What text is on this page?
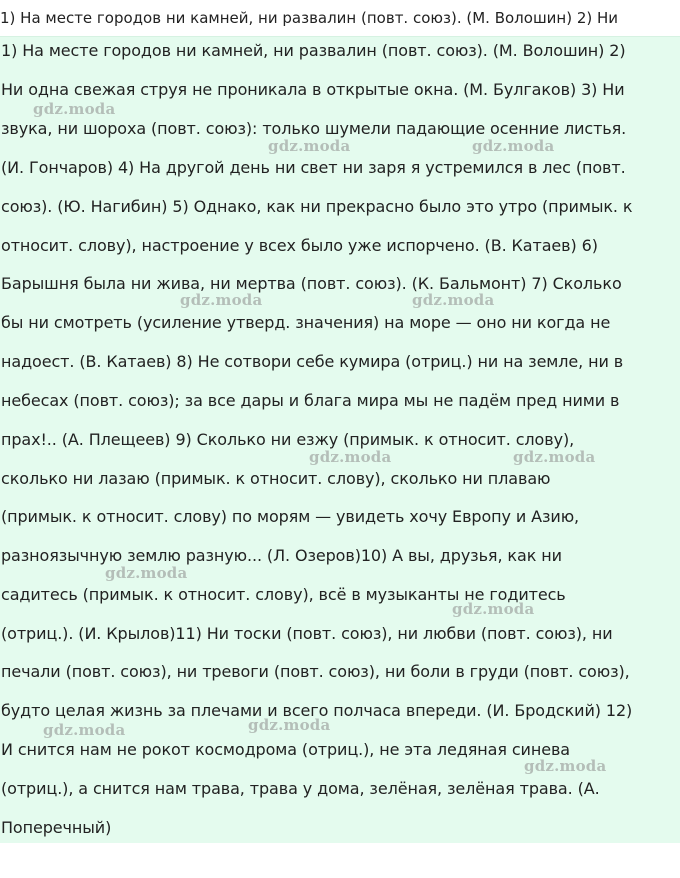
1) На месте городов ни камней, ни развалин (повт. союз). (М. Волошин) 2) Ни
1) На месте городов ни камней, ни развалин (повт. союз). (М. Волошин) 2)
Ни одна свежая струя не проникала в открытые окна. (М. Булгаков) 3) Ни
звука, ни шороха (повт. союз): только шумели падающие осенние листья.
(И. Гончаров) 4) На другой день ни свет ни заря я устремился в лес (повт.
союз). (Ю. Нагибин) 5) Однако, как ни прекрасно было это утро (примык. к
относит. слову), настроение у всех было уже испорчено. (В. Катаев) 6)
Барышня была ни жива, ни мертва (повт. союз). (К. Бальмонт) 7) Сколько
бы ни смотреть (усиление утверд. значения) на море — оно ни когда не
надоест. (В. Катаев) 8) Не сотвори себе кумира (отриц.) ни на земле, ни в
небесах (повт. союз); за все дары и блага мира мы не падём пред ними в
прах!.. (А. Плещеев) 9) Сколько ни езжу (примык. к относит. слову),
сколько ни лазаю (примык. к относит. слову), сколько ни плаваю
(примык. к относит. слову) по морям — увидеть хочу Европу и Азию,
разноязычную землю разную... (Л. Озеров)10) А вы, друзья, как ни
садитесь (примык. к относит. слову), всё в музыканты не годитесь
(отриц.). (И. Крылов)11) Ни тоски (повт. союз), ни любви (повт. союз), ни
печали (повт. союз), ни тревоги (повт. союз), ни боли в груди (повт. союз),
будто целая жизнь за плечами и всего полчаса впереди. (И. Бродский) 12)
И снится нам не рокот космодрома (отриц.), не эта ледяная синева
(отриц.), а снится нам трава, трава у дома, зелёная, зелёная трава. (А.
Поперечный)
gdz.moda
gdz.moda	gdz.moda
gdz.moda	gdz.moda
gdz.moda	gdz.moda
gdz.moda
gdz.moda
gdz.moda	gdz.moda
gdz.moda
